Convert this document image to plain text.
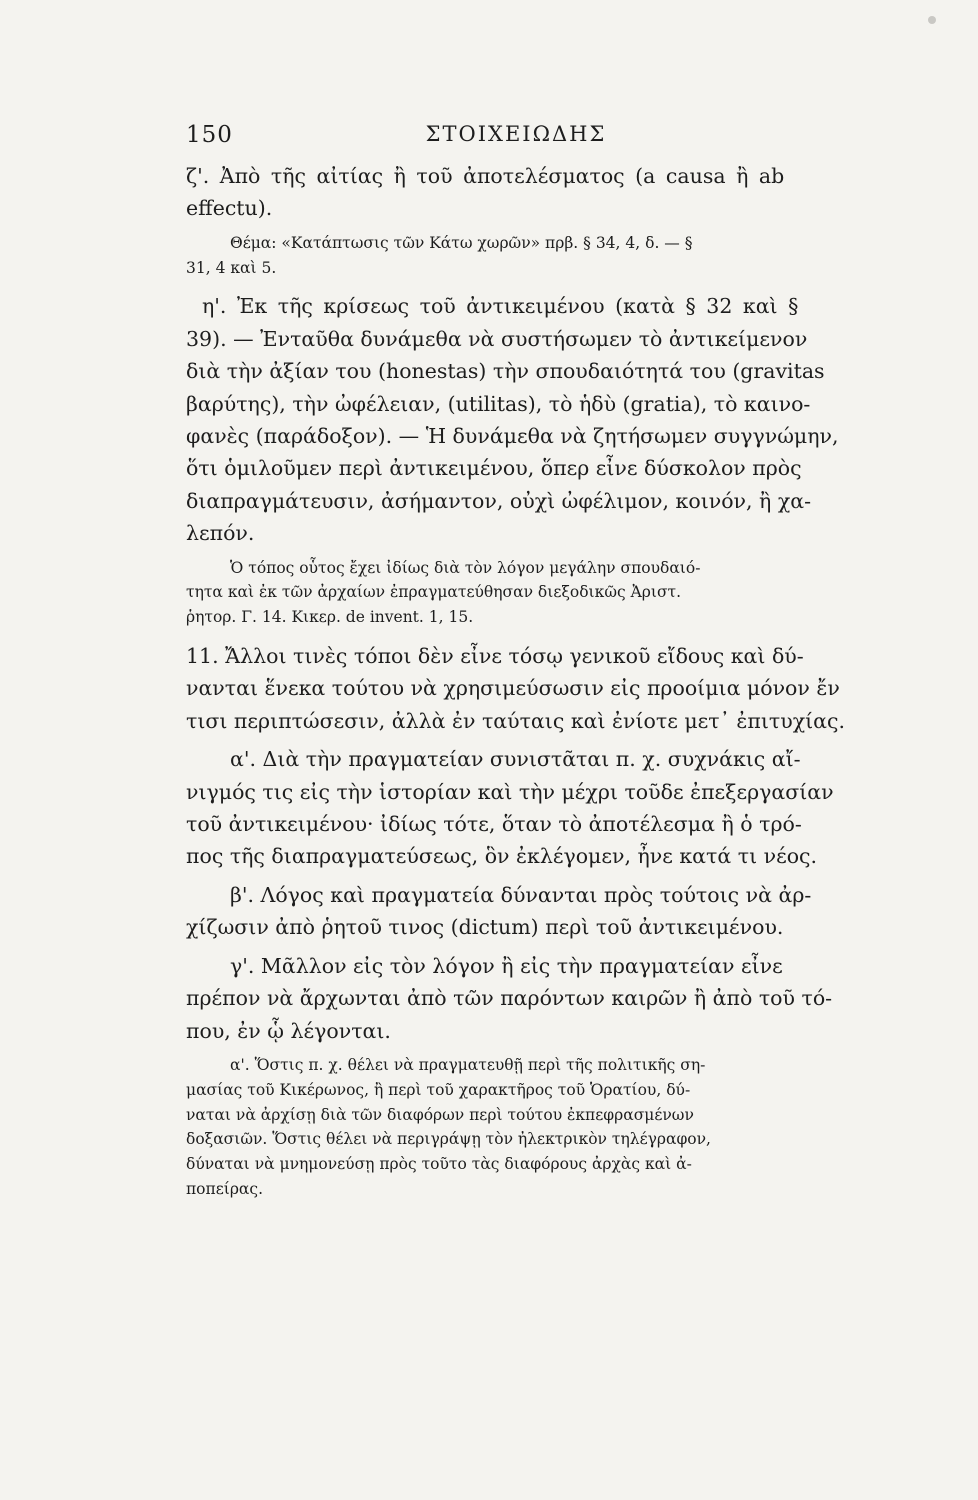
150	ΣΤΟΙΧΕΙΩΔΗΣ
ζ'. Ἀπὸ τῆς αἰτίας ἢ τοῦ ἀποτελέσματος (a causa ἢ ab
effectu).
Θέμα: «Κατάπτωσις τῶν Κάτω χωρῶν» πρβ. § 34, 4, δ. — §
31, 4 καὶ 5.
η'. Ἐκ τῆς κρίσεως τοῦ ἀντικειμένου (κατὰ § 32 καὶ §
39). — Ἐνταῦθα δυνάμεθα νὰ συστήσωμεν τὸ ἀντικείμενον
διὰ τὴν ἀξίαν του (honestas) τὴν σπουδαιότητά του (gravitas
βαρύτης), τὴν ὠφέλειαν, (utilitas), τὸ ἡδὺ (gratia), τὸ καινο-
φανὲς (παράδοξον). — Ἡ δυνάμεθα νὰ ζητήσωμεν συγγνώμην,
ὅτι ὁμιλοῦμεν περὶ ἀντικειμένου, ὅπερ εἶνε δύσκολον πρὸς
διαπραγμάτευσιν, ἀσήμαντον, οὐχὶ ὠφέλιμον, κοινόν, ἢ χα-
λεπόν.
Ὁ τόπος οὗτος ἔχει ἰδίως διὰ τὸν λόγον μεγάλην σπουδαιό-
τητα καὶ ἐκ τῶν ἀρχαίων ἐπραγματεύθησαν διεξοδικῶς Ἀριστ.
ῥητορ. Γ. 14. Κικερ. de invent. 1, 15.
11. Ἄλλοι τινὲς τόποι δὲν εἶνε τόσῳ γενικοῦ εἴδους καὶ δύ-
νανται ἕνεκα τούτου νὰ χρησιμεύσωσιν εἰς προοίμια μόνον ἔν
τισι περιπτώσεσιν, ἀλλὰ ἐν ταύταις καὶ ἐνίοτε μετ᾽ ἐπιτυχίας.
α'. Διὰ τὴν πραγματείαν συνιστᾶται π. χ. συχνάκις αἴ-
νιγμός τις εἰς τὴν ἱστορίαν καὶ τὴν μέχρι τοῦδε ἐπεξεργασίαν
τοῦ ἀντικειμένου· ἰδίως τότε, ὅταν τὸ ἀποτέλεσμα ἢ ὁ τρό-
πος τῆς διαπραγματεύσεως, ὃν ἐκλέγομεν, ἦνε κατά τι νέος.
β'. Λόγος καὶ πραγματεία δύνανται πρὸς τούτοις νὰ ἀρ-
χίζωσιν ἀπὸ ῥητοῦ τινος (dictum) περὶ τοῦ ἀντικειμένου.
γ'. Μᾶλλον εἰς τὸν λόγον ἢ εἰς τὴν πραγματείαν εἶνε
πρέπον νὰ ἄρχωνται ἀπὸ τῶν παρόντων καιρῶν ἢ ἀπὸ τοῦ τό-
που, ἐν ᾧ λέγονται.
α'. Ὅστις π. χ. θέλει νὰ πραγματευθῇ περὶ τῆς πολιτικῆς ση-
μασίας τοῦ Κικέρωνος, ἢ περὶ τοῦ χαρακτῆρος τοῦ Ὁρατίου, δύ-
ναται νὰ ἀρχίσῃ διὰ τῶν διαφόρων περὶ τούτου ἐκπεφρασμένων
δοξασιῶν. Ὅστις θέλει νὰ περιγράψῃ τὸν ἠλεκτρικὸν τηλέγραφον,
δύναται νὰ μνημονεύσῃ πρὸς τοῦτο τὰς διαφόρους ἀρχὰς καὶ ἀ-
ποπείρας.
